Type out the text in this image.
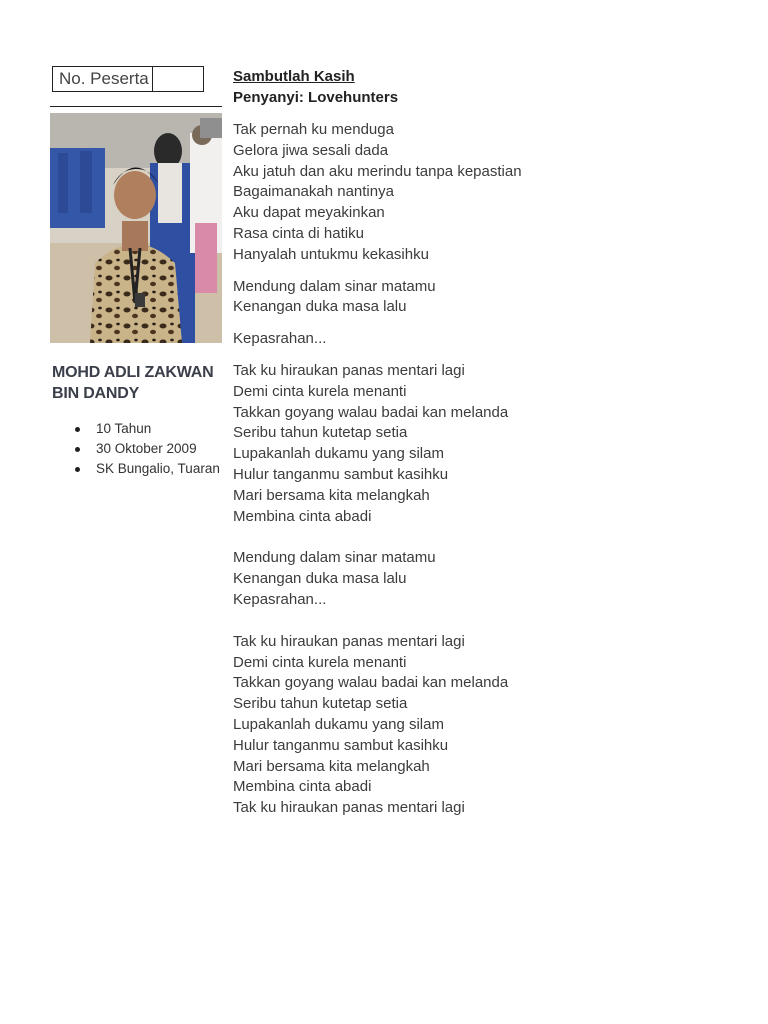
No. Peserta
MOHD ADLI ZAKWAN BIN DANDY
10 Tahun
30 Oktober 2009
SK Bungalio, Tuaran
Sambutlah Kasih
Penyanyi: Lovehunters
Tak pernah ku menduga
Gelora jiwa sesali dada
Aku jatuh dan aku merindu tanpa kepastian
Bagaimanakah nantinya
Aku dapat meyakinkan
Rasa cinta di hatiku
Hanyalah untukmu kekasihku
Mendung dalam sinar matamu
Kenangan duka masa lalu
Kepasrahan...
Tak ku hiraukan panas mentari lagi
Demi cinta kurela menanti
Takkan goyang walau badai kan melanda
Seribu tahun kutetap setia
Lupakanlah dukamu yang silam
Hulur tanganmu sambut kasihku
Mari bersama kita melangkah
Membina cinta abadi
Mendung dalam sinar matamu
Kenangan duka masa lalu
Kepasrahan...
Tak ku hiraukan panas mentari lagi
Demi cinta kurela menanti
Takkan goyang walau badai kan melanda
Seribu tahun kutetap setia
Lupakanlah dukamu yang silam
Hulur tanganmu sambut kasihku
Mari bersama kita melangkah
Membina cinta abadi
Tak ku hiraukan panas mentari lagi
